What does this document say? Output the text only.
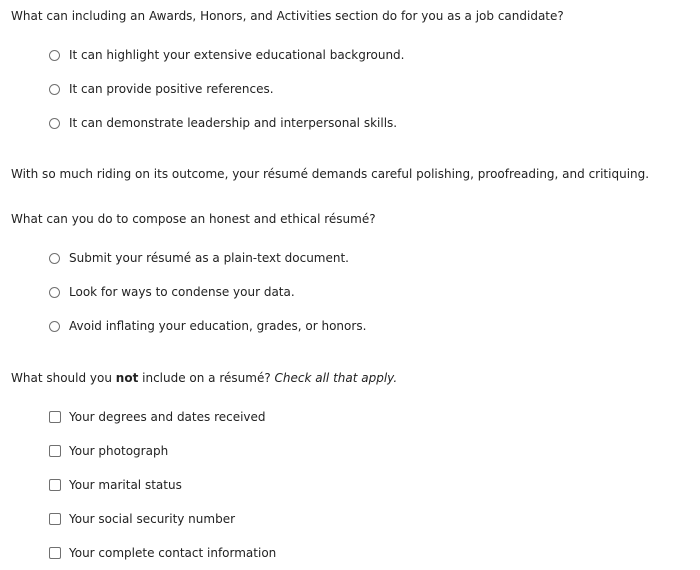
What can including an Awards, Honors, and Activities section do for you as a job candidate?
It can highlight your extensive educational background.
It can provide positive references.
It can demonstrate leadership and interpersonal skills.
With so much riding on its outcome, your résumé demands careful polishing, proofreading, and critiquing.
What can you do to compose an honest and ethical résumé?
Submit your résumé as a plain-text document.
Look for ways to condense your data.
Avoid inflating your education, grades, or honors.
What should you not include on a résumé? Check all that apply.
Your degrees and dates received
Your photograph
Your marital status
Your social security number
Your complete contact information
